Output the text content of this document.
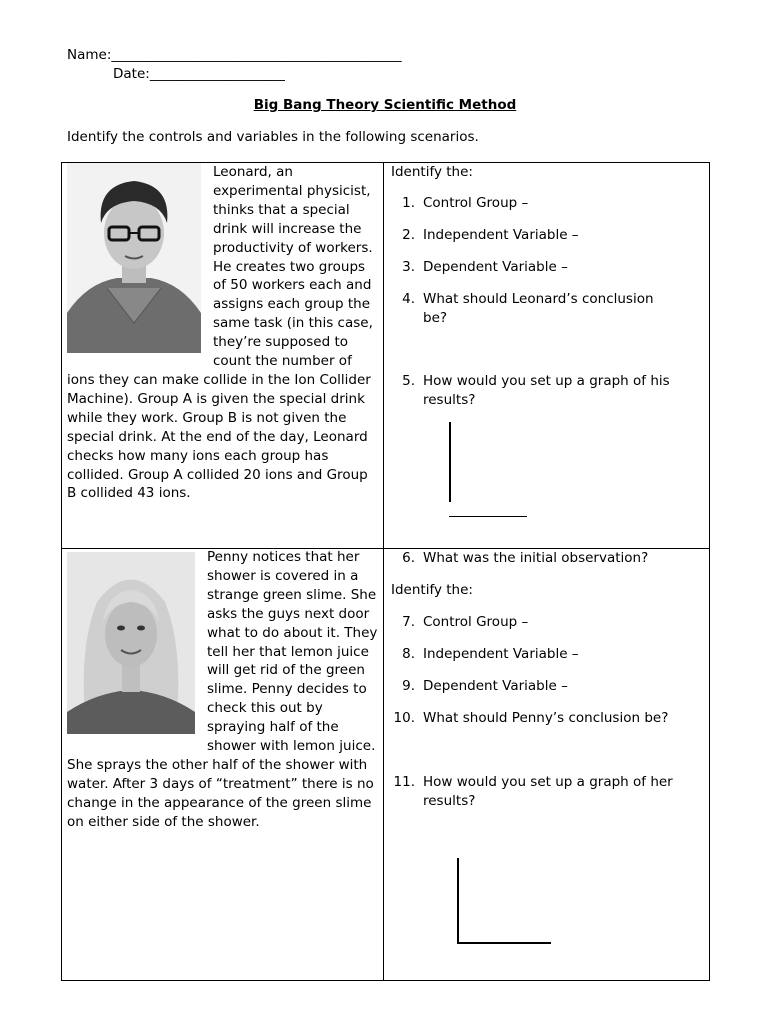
Name:___________________________________________
Date:____________________
Big Bang Theory Scientific Method
Identify the controls and variables in the following scenarios.
Leonard, an experimental physicist, thinks that a special drink will increase the productivity of workers. He creates two groups of 50 workers each and assigns each group the same task (in this case, they’re supposed to count the number of ions they can make collide in the Ion Collider Machine). Group A is given the special drink while they work. Group B is not given the special drink. At the end of the day, Leonard checks how many ions each group has collided. Group A collided 20 ions and Group B collided 43 ions.
Identify the:
1. Control Group –
2. Independent Variable –
3. Dependent Variable –
4. What should Leonard’s conclusion be?
5. How would you set up a graph of his results?
Penny notices that her shower is covered in a strange green slime. She asks the guys next door what to do about it. They tell her that lemon juice will get rid of the green slime. Penny decides to check this out by spraying half of the shower with lemon juice. She sprays the other half of the shower with water. After 3 days of “treatment” there is no change in the appearance of the green slime on either side of the shower.
6. What was the initial observation?
Identify the:
7. Control Group –
8. Independent Variable –
9. Dependent Variable –
10. What should Penny’s conclusion be?
11. How would you set up a graph of her results?
